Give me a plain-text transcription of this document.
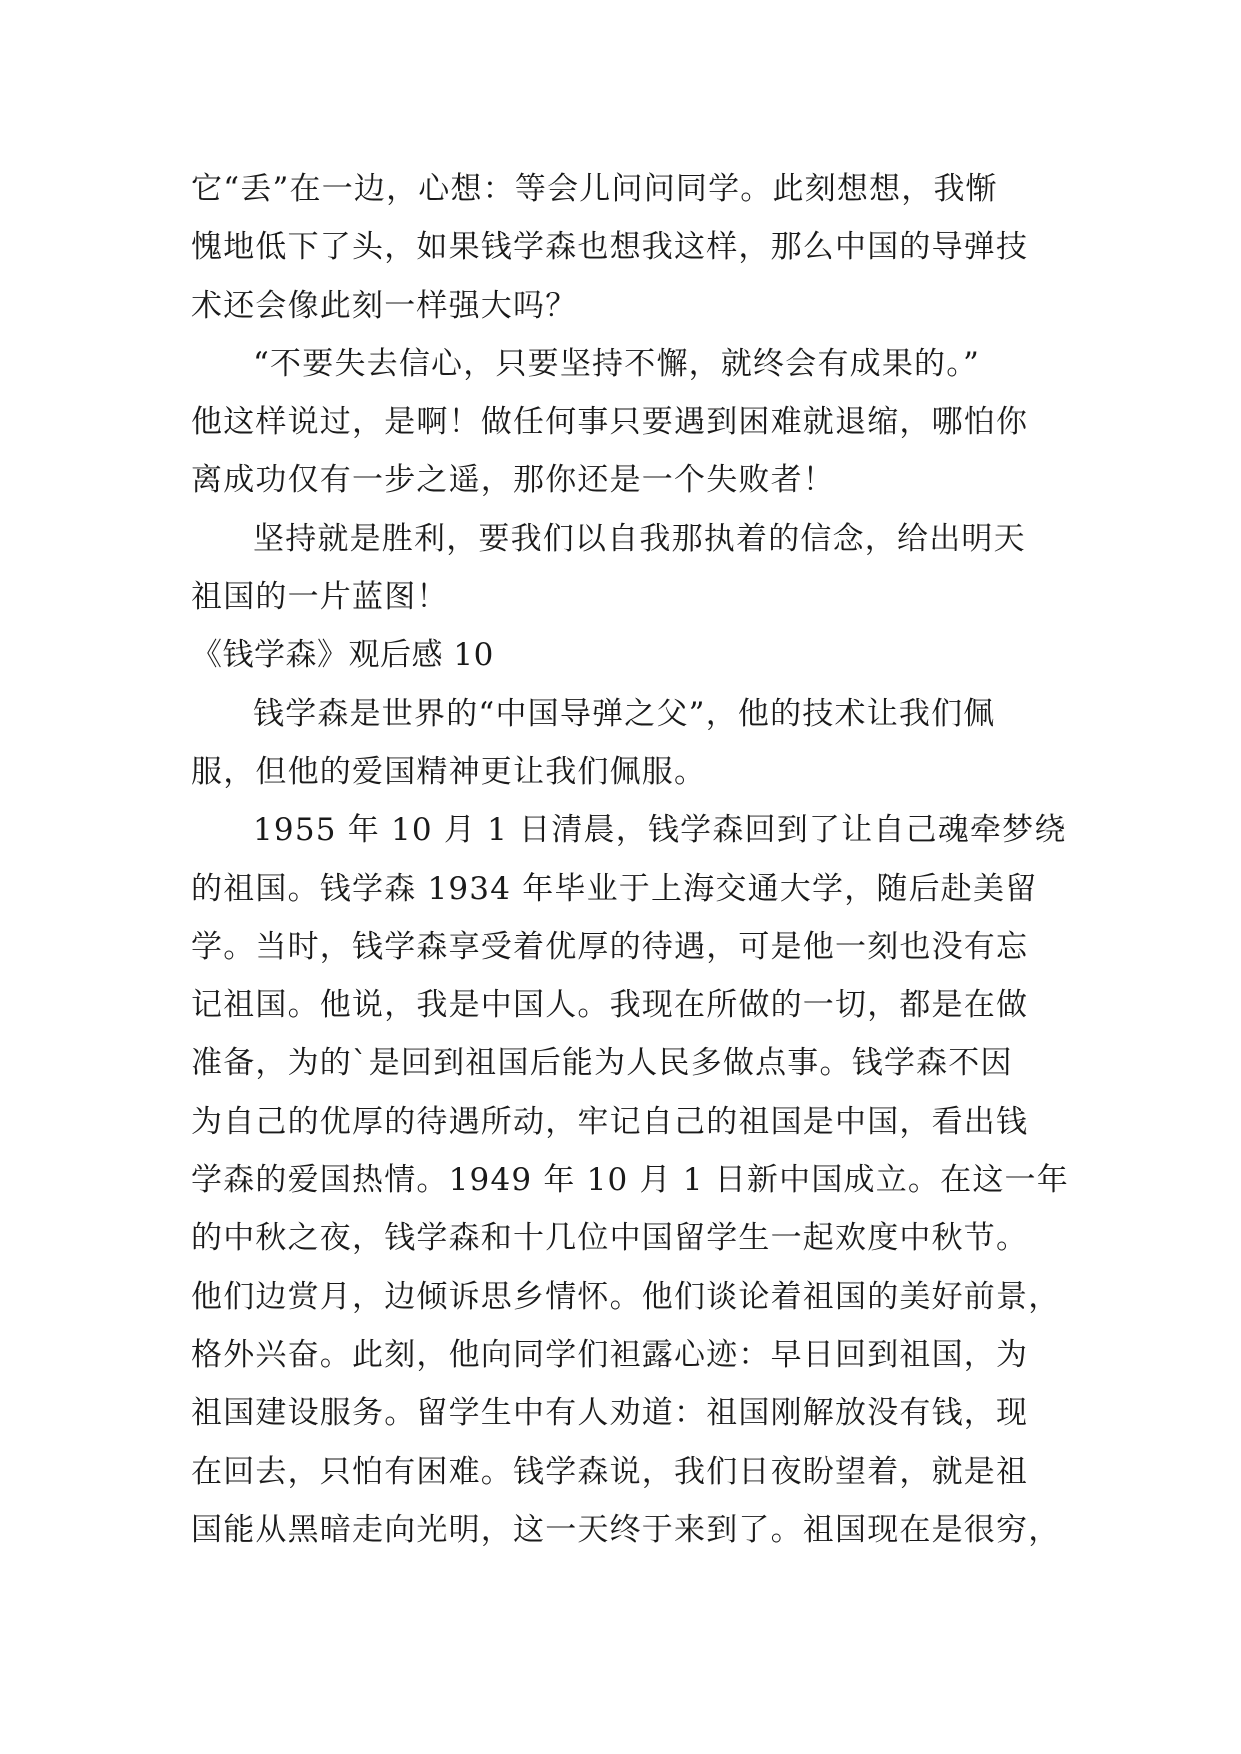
它“丢”在一边，心想：等会儿问问同学。此刻想想，我惭
愧地低下了头，如果钱学森也想我这样，那么中国的导弹技
术还会像此刻一样强大吗？
“不要失去信心，只要坚持不懈，就终会有成果的。”
他这样说过，是啊！做任何事只要遇到困难就退缩，哪怕你
离成功仅有一步之遥，那你还是一个失败者！
坚持就是胜利，要我们以自我那执着的信念，给出明天
祖国的一片蓝图！
《钱学森》观后感 10
钱学森是世界的“中国导弹之父”，他的技术让我们佩
服，但他的爱国精神更让我们佩服。
1955 年 10 月 1 日清晨，钱学森回到了让自己魂牵梦绕
的祖国。钱学森 1934 年毕业于上海交通大学，随后赴美留
学。当时，钱学森享受着优厚的待遇，可是他一刻也没有忘
记祖国。他说，我是中国人。我现在所做的一切，都是在做
准备，为的`是回到祖国后能为人民多做点事。钱学森不因
为自己的优厚的待遇所动，牢记自己的祖国是中国，看出钱
学森的爱国热情。1949 年 10 月 1 日新中国成立。在这一年
的中秋之夜，钱学森和十几位中国留学生一起欢度中秋节。
他们边赏月，边倾诉思乡情怀。他们谈论着祖国的美好前景，
格外兴奋。此刻，他向同学们袒露心迹：早日回到祖国，为
祖国建设服务。留学生中有人劝道：祖国刚解放没有钱，现
在回去，只怕有困难。钱学森说，我们日夜盼望着，就是祖
国能从黑暗走向光明，这一天终于来到了。祖国现在是很穷，
